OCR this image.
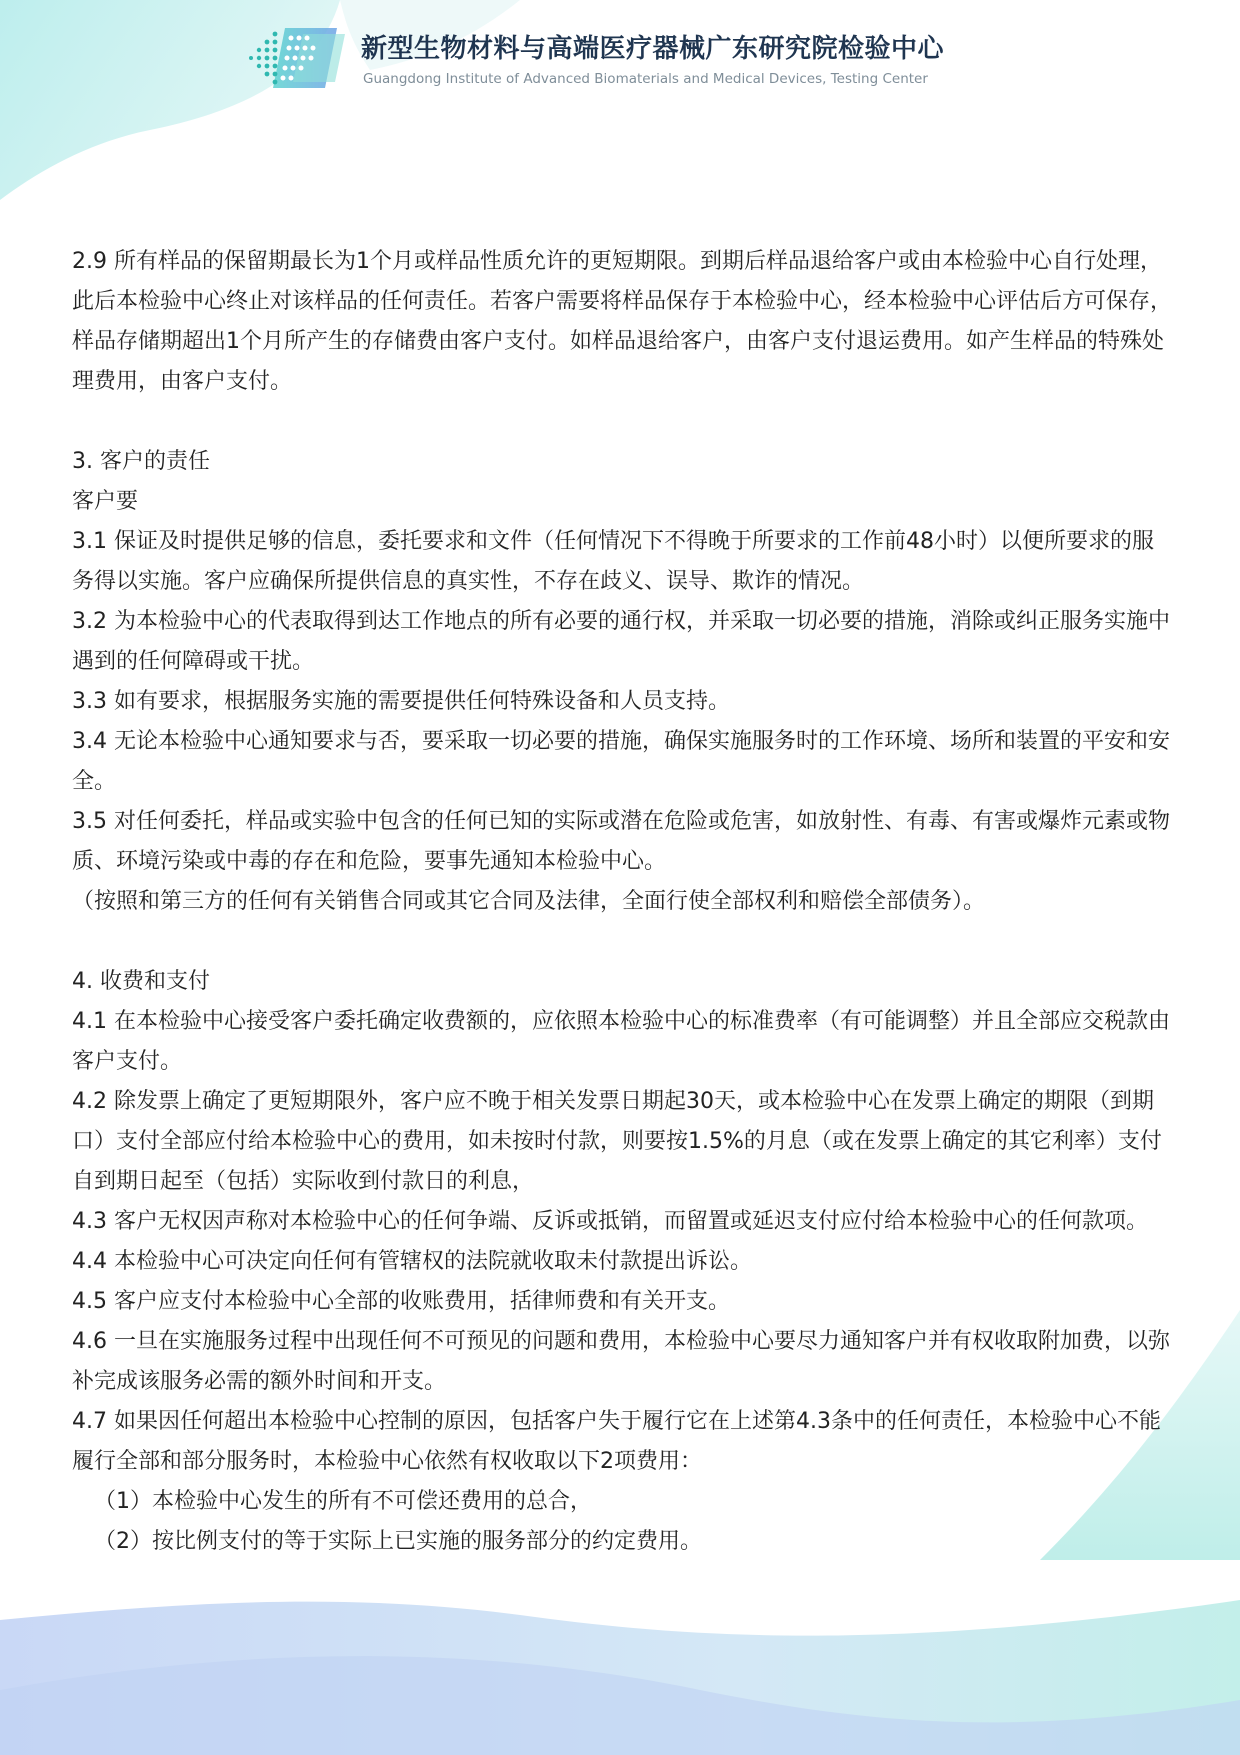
新型生物材料与高端医疗器械广东研究院检验中心
Guangdong Institute of Advanced Biomaterials and Medical Devices, Testing Center

2.9 所有样品的保留期最长为1个月或样品性质允许的更短期限。到期后样品退给客户或由本检验中心自行处理，此后本检验中心终止对该样品的任何责任。若客户需要将样品保存于本检验中心，经本检验中心评估后方可保存，样品存储期超出1个月所产生的存储费由客户支付。如样品退给客户，由客户支付退运费用。如产生样品的特殊处理费用，由客户支付。

3. 客户的责任

客户要

3.1 保证及时提供足够的信息，委托要求和文件（任何情况下不得晚于所要求的工作前48小时）以便所要求的服务得以实施。客户应确保所提供信息的真实性，不存在歧义、误导、欺诈的情况。

3.2 为本检验中心的代表取得到达工作地点的所有必要的通行权，并采取一切必要的措施，消除或纠正服务实施中遇到的任何障碍或干扰。

3.3 如有要求，根据服务实施的需要提供任何特殊设备和人员支持。

3.4 无论本检验中心通知要求与否，要采取一切必要的措施，确保实施服务时的工作环境、场所和装置的平安和安全。

3.5 对任何委托，样品或实验中包含的任何已知的实际或潜在危险或危害，如放射性、有毒、有害或爆炸元素或物质、环境污染或中毒的存在和危险，要事先通知本检验中心。

（按照和第三方的任何有关销售合同或其它合同及法律，全面行使全部权利和赔偿全部债务）。

4. 收费和支付

4.1 在本检验中心接受客户委托确定收费额的，应依照本检验中心的标准费率（有可能调整）并且全部应交税款由客户支付。

4.2 除发票上确定了更短期限外，客户应不晚于相关发票日期起30天，或本检验中心在发票上确定的期限（到期口）支付全部应付给本检验中心的费用，如未按时付款，则要按1.5%的月息（或在发票上确定的其它利率）支付自到期日起至（包括）实际收到付款日的利息，

4.3 客户无权因声称对本检验中心的任何争端、反诉或抵销，而留置或延迟支付应付给本检验中心的任何款项。

4.4 本检验中心可决定向任何有管辖权的法院就收取未付款提出诉讼。

4.5 客户应支付本检验中心全部的收账费用，括律师费和有关开支。

4.6 一旦在实施服务过程中出现任何不可预见的问题和费用，本检验中心要尽力通知客户并有权收取附加费，以弥补完成该服务必需的额外时间和开支。

4.7 如果因任何超出本检验中心控制的原因，包括客户失于履行它在上述第4.3条中的任何责任，本检验中心不能履行全部和部分服务时，本检验中心依然有权收取以下2项费用：

（1）本检验中心发生的所有不可偿还费用的总合，

（2）按比例支付的等于实际上已实施的服务部分的约定费用。
